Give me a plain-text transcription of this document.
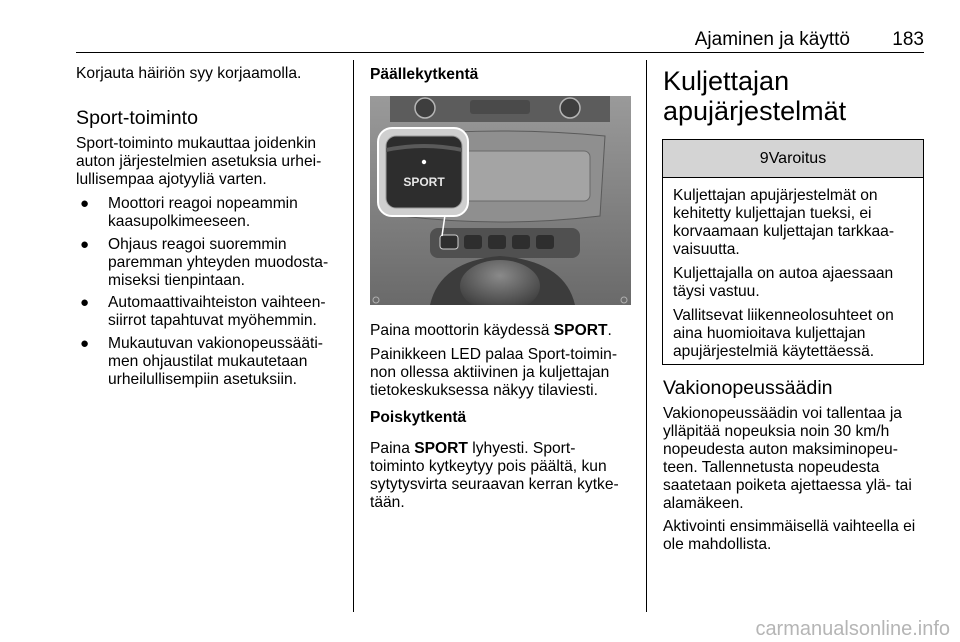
Ajaminen ja käyttö	183
Korjauta häiriön syy korjaamolla.
Sport-toiminto

Sport-toiminto mukauttaa joidenkin

auton järjestelmien asetuksia urhei-

lullisempaa ajotyyliä varten.

● Moottori reagoi nopeammin

kaasupolkimeeseen.

● Ohjaus reagoi suoremmin

paremman yhteyden muodosta-

miseksi tienpintaan.

● Automaattivaihteiston vaihteen-

siirrot tapahtuvat myöhemmin.

● Mukautuvan vakionopeussääti-

men ohjaustilat mukautetaan

urheilullisempiin asetuksiin.

Päällekytkentä
SPORT
Paina moottorin käydessä SPORT.

Painikkeen LED palaa Sport-toimin-

non ollessa aktiivinen ja kuljettajan

tietokeskuksessa näkyy tilaviesti.

Poiskytkentä

Paina SPORT lyhyesti. Sport-

toiminto kytkeytyy pois päältä, kun

sytytysvirta seuraavan kerran kytke-

tään.

Kuljettajan
apujärjestelmät
9Varoitus

Kuljettajan apujärjestelmät on
kehitetty kuljettajan tueksi, ei
korvaamaan kuljettajan tarkkaa-
vaisuutta.

Kuljettajalla on autoa ajaessaan
täysi vastuu.

Vallitsevat liikenneolosuhteet on
aina huomioitava kuljettajan
apujärjestelmiä käytettäessä.

Vakionopeussäädin

Vakionopeussäädin voi tallentaa ja

ylläpitää nopeuksia noin 30 km/h

nopeudesta auton maksiminopeu-

teen. Tallennetusta nopeudesta

saatetaan poiketa ajettaessa ylä- tai

alamäkeen.

Aktivointi ensimmäisellä vaihteella ei

ole mahdollista.

carmanualsonline.info
